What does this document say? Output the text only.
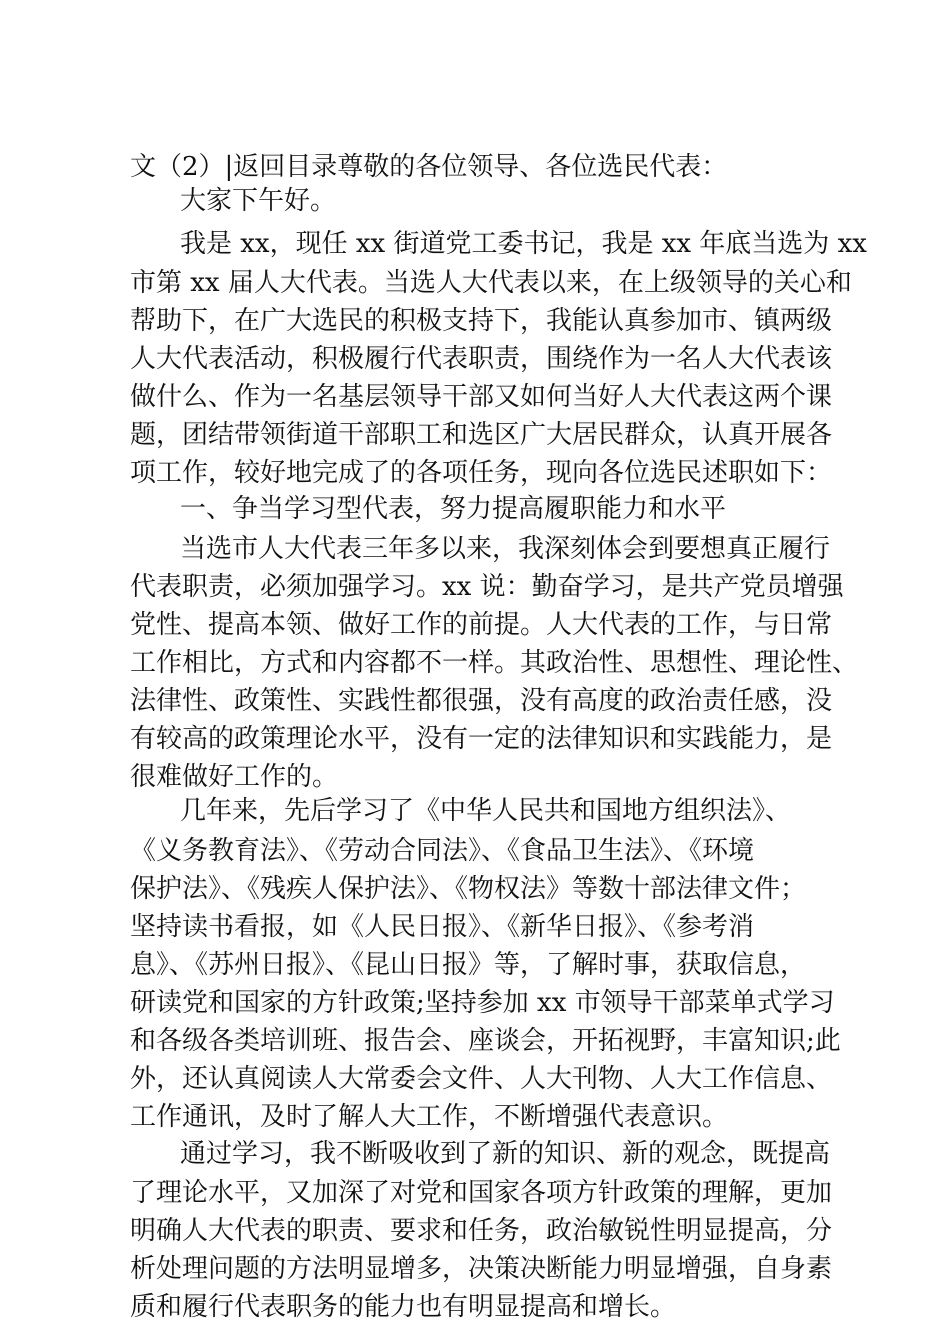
文（2）|返回目录尊敬的各位领导、各位选民代表：
大家下午好。
我是 xx，现任 xx 街道党工委书记，我是 xx 年底当选为 xx
市第 xx 届人大代表。当选人大代表以来，在上级领导的关心和
帮助下，在广大选民的积极支持下，我能认真参加市、镇两级
人大代表活动，积极履行代表职责，围绕作为一名人大代表该
做什么、作为一名基层领导干部又如何当好人大代表这两个课
题，团结带领街道干部职工和选区广大居民群众，认真开展各
项工作，较好地完成了的各项任务，现向各位选民述职如下：
一、争当学习型代表，努力提高履职能力和水平
当选市人大代表三年多以来，我深刻体会到要想真正履行
代表职责，必须加强学习。xx 说：勤奋学习，是共产党员增强
党性、提高本领、做好工作的前提。人大代表的工作，与日常
工作相比，方式和内容都不一样。其政治性、思想性、理论性、
法律性、政策性、实践性都很强，没有高度的政治责任感，没
有较高的政策理论水平，没有一定的法律知识和实践能力，是
很难做好工作的。
几年来，先后学习了《中华人民共和国地方组织法》、
《义务教育法》、《劳动合同法》、《食品卫生法》、《环境
保护法》、《残疾人保护法》、《物权法》等数十部法律文件；
坚持读书看报，如《人民日报》、《新华日报》、《参考消
息》、《苏州日报》、《昆山日报》等，了解时事，获取信息，
研读党和国家的方针政策;坚持参加 xx 市领导干部菜单式学习
和各级各类培训班、报告会、座谈会，开拓视野，丰富知识;此
外，还认真阅读人大常委会文件、人大刊物、人大工作信息、
工作通讯，及时了解人大工作，不断增强代表意识。
通过学习，我不断吸收到了新的知识、新的观念，既提高
了理论水平，又加深了对党和国家各项方针政策的理解，更加
明确人大代表的职责、要求和任务，政治敏锐性明显提高，分
析处理问题的方法明显增多，决策决断能力明显增强，自身素
质和履行代表职务的能力也有明显提高和增长。
